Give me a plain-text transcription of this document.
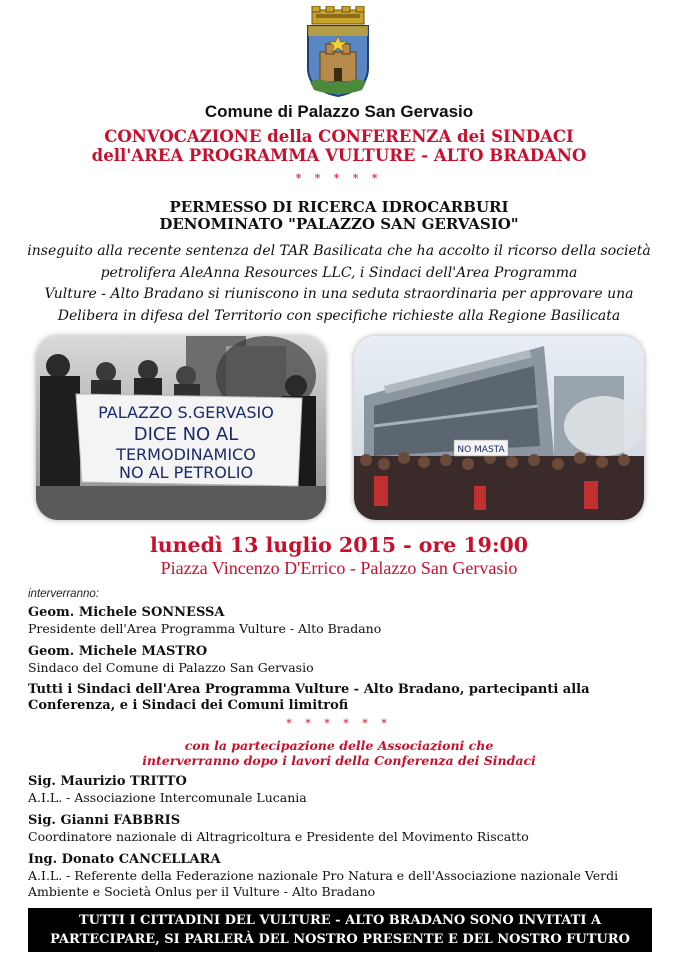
Comune di Palazzo San Gervasio
CONVOCAZIONE della CONFERENZA dei SINDACI
dell'AREA PROGRAMMA VULTURE - ALTO BRADANO
* * * * *
PERMESSO DI RICERCA IDROCARBURI
DENOMINATO "PALAZZO SAN GERVASIO"
inseguito alla recente sentenza del TAR Basilicata che ha accolto il ricorso della società
petrolifera AleAnna Resources LLC, i Sindaci dell'Area Programma
Vulture - Alto Bradano si riuniscono in una seduta straordinaria per approvare una
Delibera in difesa del Territorio con specifiche richieste alla Regione Basilicata
PALAZZO S.GERVASIO
DICE NO AL
TERMODINAMICO
NO AL PETROLIO
NO MASTA
lunedì 13 luglio 2015 - ore 19:00
Piazza Vincenzo D'Errico - Palazzo San Gervasio
interverranno:
Geom. Michele SONNESSA
Presidente dell'Area Programma Vulture - Alto Bradano
Geom. Michele MASTRO
Sindaco del Comune di Palazzo San Gervasio
Tutti i Sindaci dell'Area Programma Vulture - Alto Bradano, partecipanti alla
Conferenza, e i Sindaci dei Comuni limitrofi
* * * * * *
con la partecipazione delle Associazioni che
interverranno dopo i lavori della Conferenza dei Sindaci
Sig. Maurizio TRITTO
A.I.L. - Associazione Intercomunale Lucania
Sig. Gianni FABBRIS
Coordinatore nazionale di Altragricoltura e Presidente del Movimento Riscatto
Ing. Donato CANCELLARA
A.I.L. - Referente della Federazione nazionale Pro Natura e dell'Associazione nazionale Verdi
Ambiente e Società Onlus per il Vulture - Alto Bradano
TUTTI I CITTADINI DEL VULTURE - ALTO BRADANO SONO INVITATI A
PARTECIPARE, SI PARLERÀ DEL NOSTRO PRESENTE E DEL NOSTRO FUTURO
